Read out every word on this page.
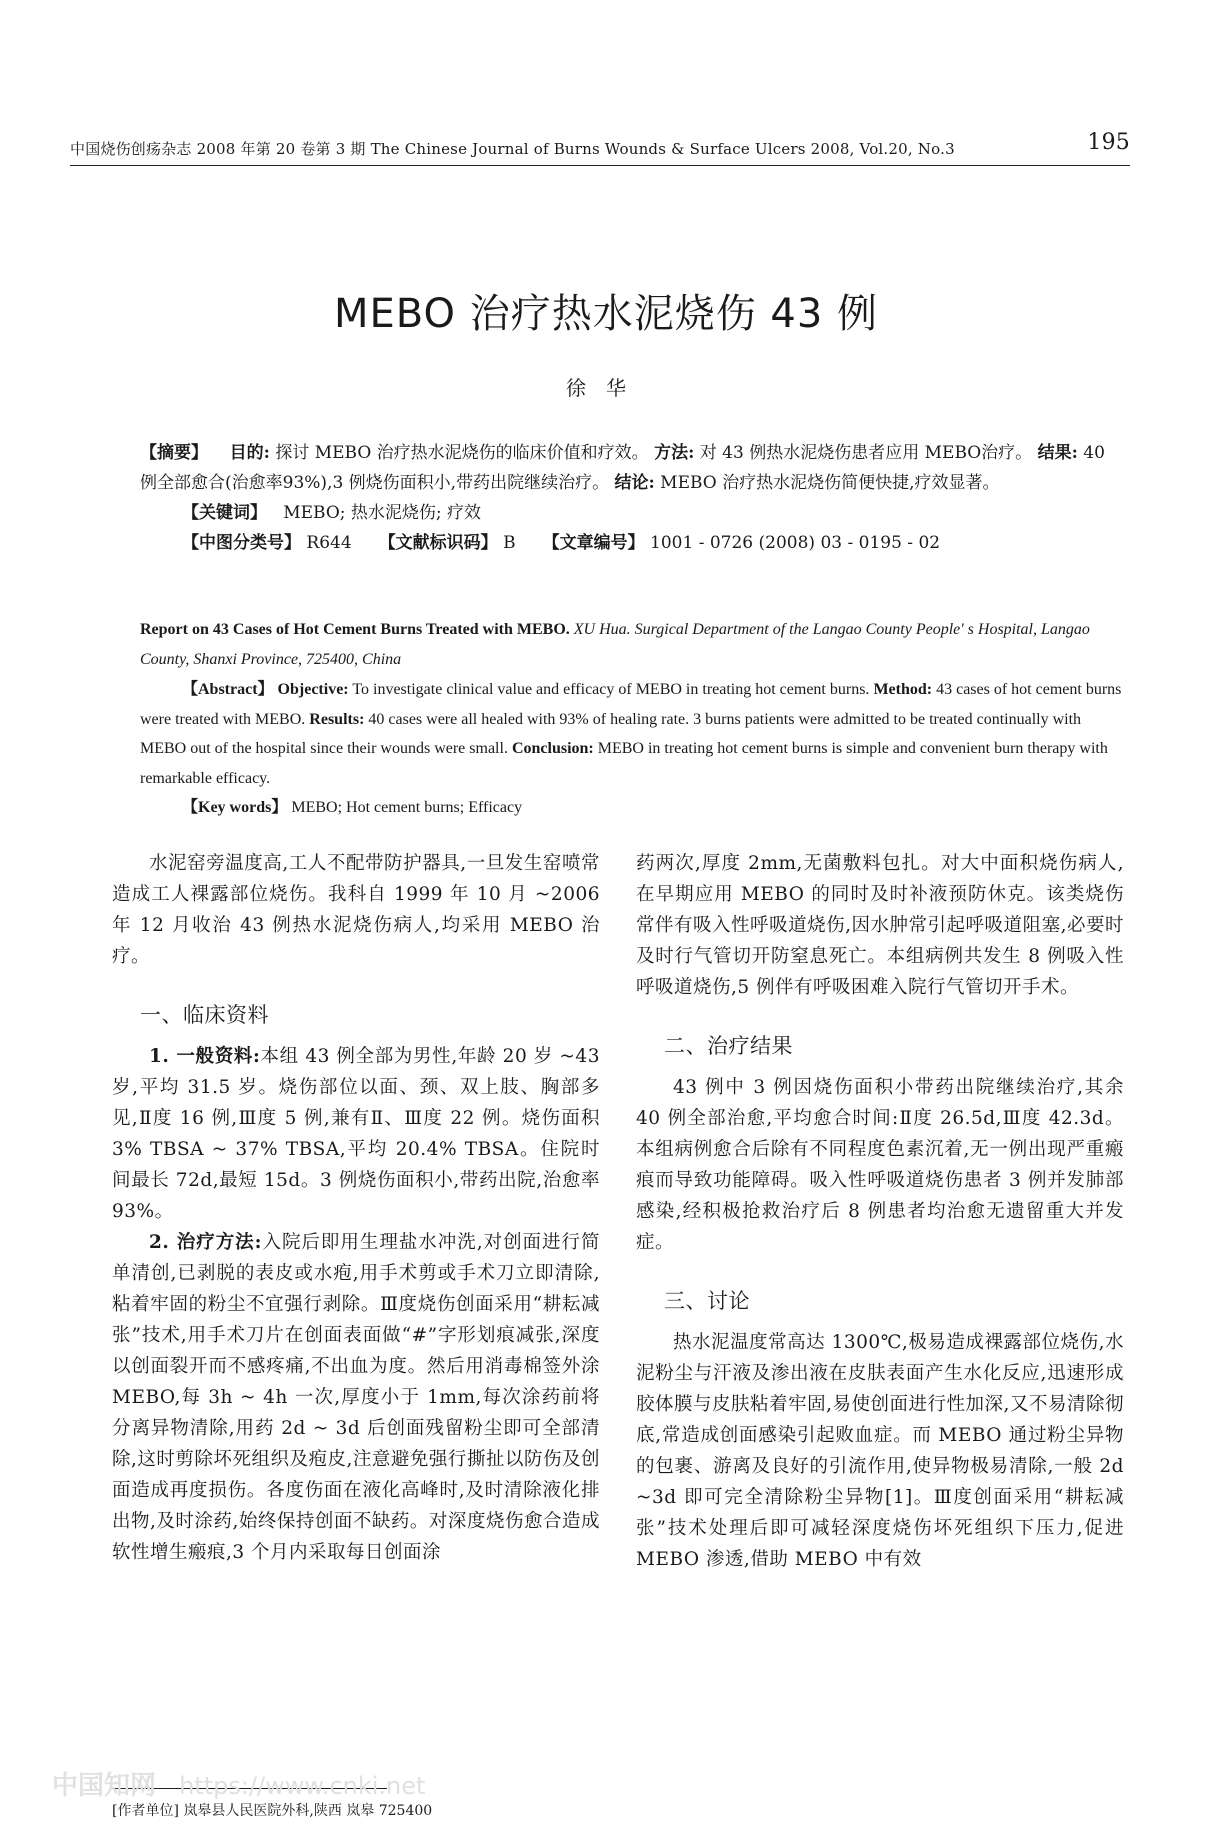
中国烧伤创疡杂志 2008 年第 20 卷第 3 期 The Chinese Journal of Burns Wounds & Surface Ulcers 2008, Vol.20, No.3	195
MEBO 治疗热水泥烧伤 43 例
徐华

【摘要】 目的: 探讨 MEBO 治疗热水泥烧伤的临床价值和疗效。 方法: 对 43 例热水泥烧伤患者应用 MEBO治疗。 结果: 40 例全部愈合(治愈率93%),3 例烧伤面积小,带药出院继续治疗。 结论: MEBO 治疗热水泥烧伤简便快捷,疗效显著。

【关键词】 MEBO; 热水泥烧伤; 疗效

【中图分类号】 R644 【文献标识码】 B 【文章编号】 1001 - 0726 (2008) 03 - 0195 - 02

Report on 43 Cases of Hot Cement Burns Treated with MEBO. XU Hua. Surgical Department of the Langao County People' s Hospital, Langao County, Shanxi Province, 725400, China

【Abstract】 Objective: To investigate clinical value and efficacy of MEBO in treating hot cement burns. Method: 43 cases of hot cement burns were treated with MEBO. Results: 40 cases were all healed with 93% of healing rate. 3 burns patients were admitted to be treated continually with MEBO out of the hospital since their wounds were small. Conclusion: MEBO in treating hot cement burns is simple and convenient burn therapy with remarkable efficacy.

【Key words】 MEBO; Hot cement burns; Efficacy

水泥窑旁温度高,工人不配带防护器具,一旦发生窑喷常造成工人裸露部位烧伤。我科自 1999 年 10 月 ~2006 年 12 月收治 43 例热水泥烧伤病人,均采用 MEBO 治疗。

一、临床资料

1. 一般资料:本组 43 例全部为男性,年龄 20 岁 ~43 岁,平均 31.5 岁。烧伤部位以面、颈、双上肢、胸部多见,Ⅱ度 16 例,Ⅲ度 5 例,兼有Ⅱ、Ⅲ度 22 例。烧伤面积 3% TBSA ~ 37% TBSA,平均 20.4% TBSA。住院时间最长 72d,最短 15d。3 例烧伤面积小,带药出院,治愈率 93%。

2. 治疗方法:入院后即用生理盐水冲洗,对创面进行简单清创,已剥脱的表皮或水疱,用手术剪或手术刀立即清除,粘着牢固的粉尘不宜强行剥除。Ⅲ度烧伤创面采用“耕耘减张”技术,用手术刀片在创面表面做“#”字形划痕减张,深度以创面裂开而不感疼痛,不出血为度。然后用消毒棉签外涂 MEBO,每 3h ~ 4h 一次,厚度小于 1mm,每次涂药前将分离异物清除,用药 2d ~ 3d 后创面残留粉尘即可全部清除,这时剪除坏死组织及疱皮,注意避免强行撕扯以防伤及创面造成再度损伤。各度伤面在液化高峰时,及时清除液化排出物,及时涂药,始终保持创面不缺药。对深度烧伤愈合造成软性增生瘢痕,3 个月内采取每日创面涂

药两次,厚度 2mm,无菌敷料包扎。对大中面积烧伤病人,在早期应用 MEBO 的同时及时补液预防休克。该类烧伤常伴有吸入性呼吸道烧伤,因水肿常引起呼吸道阻塞,必要时及时行气管切开防窒息死亡。本组病例共发生 8 例吸入性呼吸道烧伤,5 例伴有呼吸困难入院行气管切开手术。

二、治疗结果

43 例中 3 例因烧伤面积小带药出院继续治疗,其余 40 例全部治愈,平均愈合时间:Ⅱ度 26.5d,Ⅲ度 42.3d。本组病例愈合后除有不同程度色素沉着,无一例出现严重瘢痕而导致功能障碍。吸入性呼吸道烧伤患者 3 例并发肺部感染,经积极抢救治疗后 8 例患者均治愈无遗留重大并发症。

三、讨论

热水泥温度常高达 1300℃,极易造成裸露部位烧伤,水泥粉尘与汗液及渗出液在皮肤表面产生水化反应,迅速形成胶体膜与皮肤粘着牢固,易使创面进行性加深,又不易清除彻底,常造成创面感染引起败血症。而 MEBO 通过粉尘异物的包裹、游离及良好的引流作用,使异物极易清除,一般 2d ~3d 即可完全清除粉尘异物[1]。Ⅲ度创面采用“耕耘减张”技术处理后即可减轻深度烧伤坏死组织下压力,促进 MEBO 渗透,借助 MEBO 中有效

[作者单位] 岚皋县人民医院外科,陕西 岚皋 725400
中国知网 https://www.cnki.net
